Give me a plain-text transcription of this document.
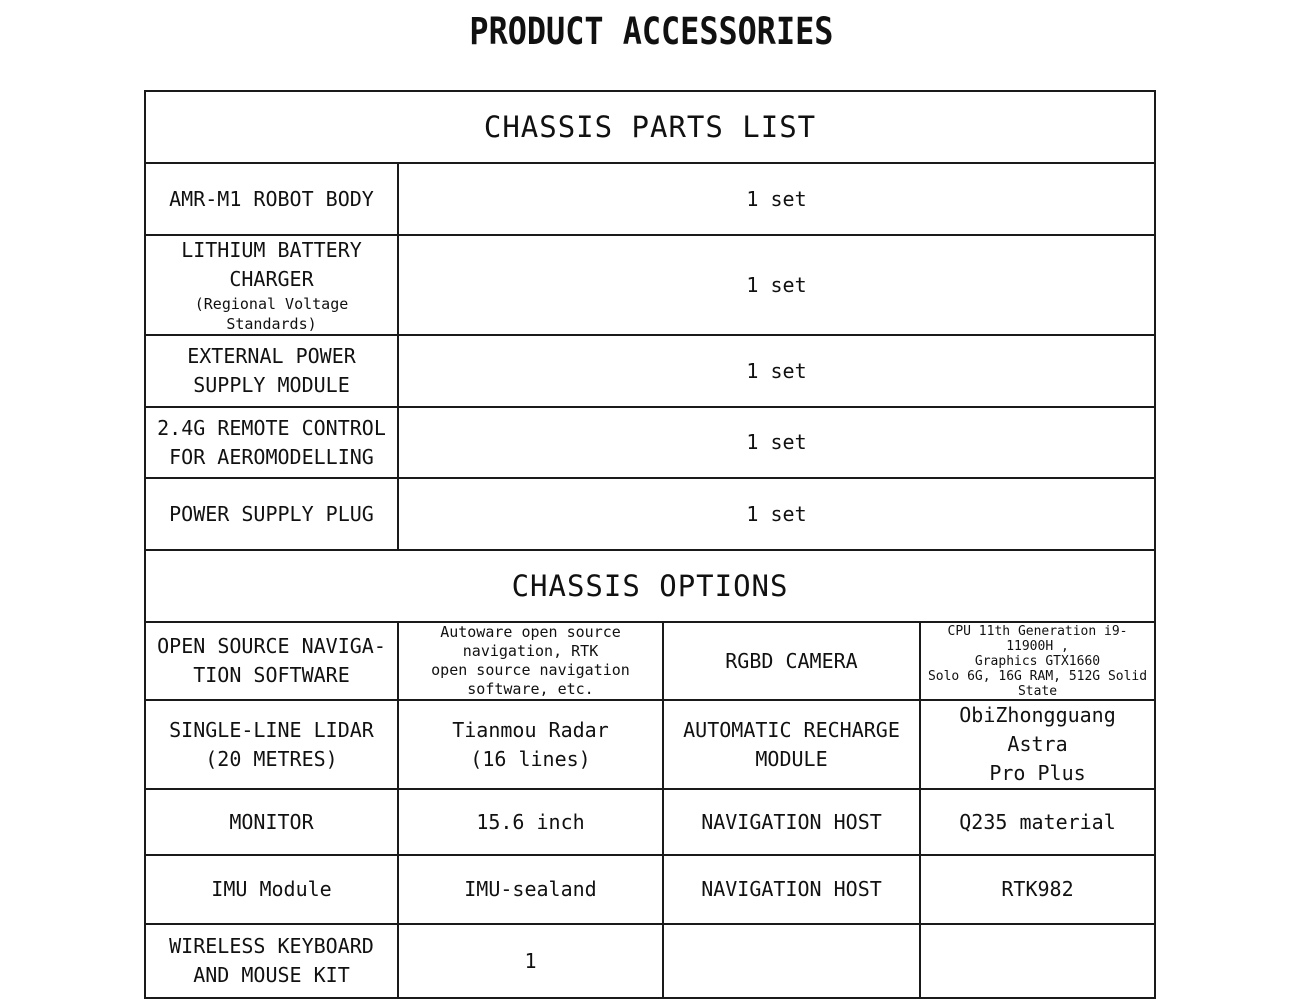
PRODUCT ACCESSORIES
CHASSIS PARTS LIST			

AMR-M1 ROBOT BODY	1 set		

LITHIUM BATTERY CHARGER
(Regional Voltage Standards)	1 set		

EXTERNAL POWER
SUPPLY MODULE	1 set		

2.4G REMOTE CONTROL
FOR AEROMODELLING	1 set		

POWER SUPPLY PLUG	1 set		
CHASSIS OPTIONS			

OPEN SOURCE NAVIGA-
TION SOFTWARE	Autoware open source navigation, RTK
open source navigation software, etc.	RGBD CAMERA	CPU 11th Generation i9-11900H ,
Graphics GTX1660
Solo 6G, 16G RAM, 512G Solid
State

SINGLE-LINE LIDAR
(20 METRES)	Tianmou Radar
(16 lines)	AUTOMATIC RECHARGE
MODULE	ObiZhongguang Astra
Pro Plus

MONITOR	15.6 inch	NAVIGATION HOST	Q235 material

IMU Module	IMU-sealand	NAVIGATION HOST	RTK982

WIRELESS KEYBOARD
AND MOUSE KIT	1		
